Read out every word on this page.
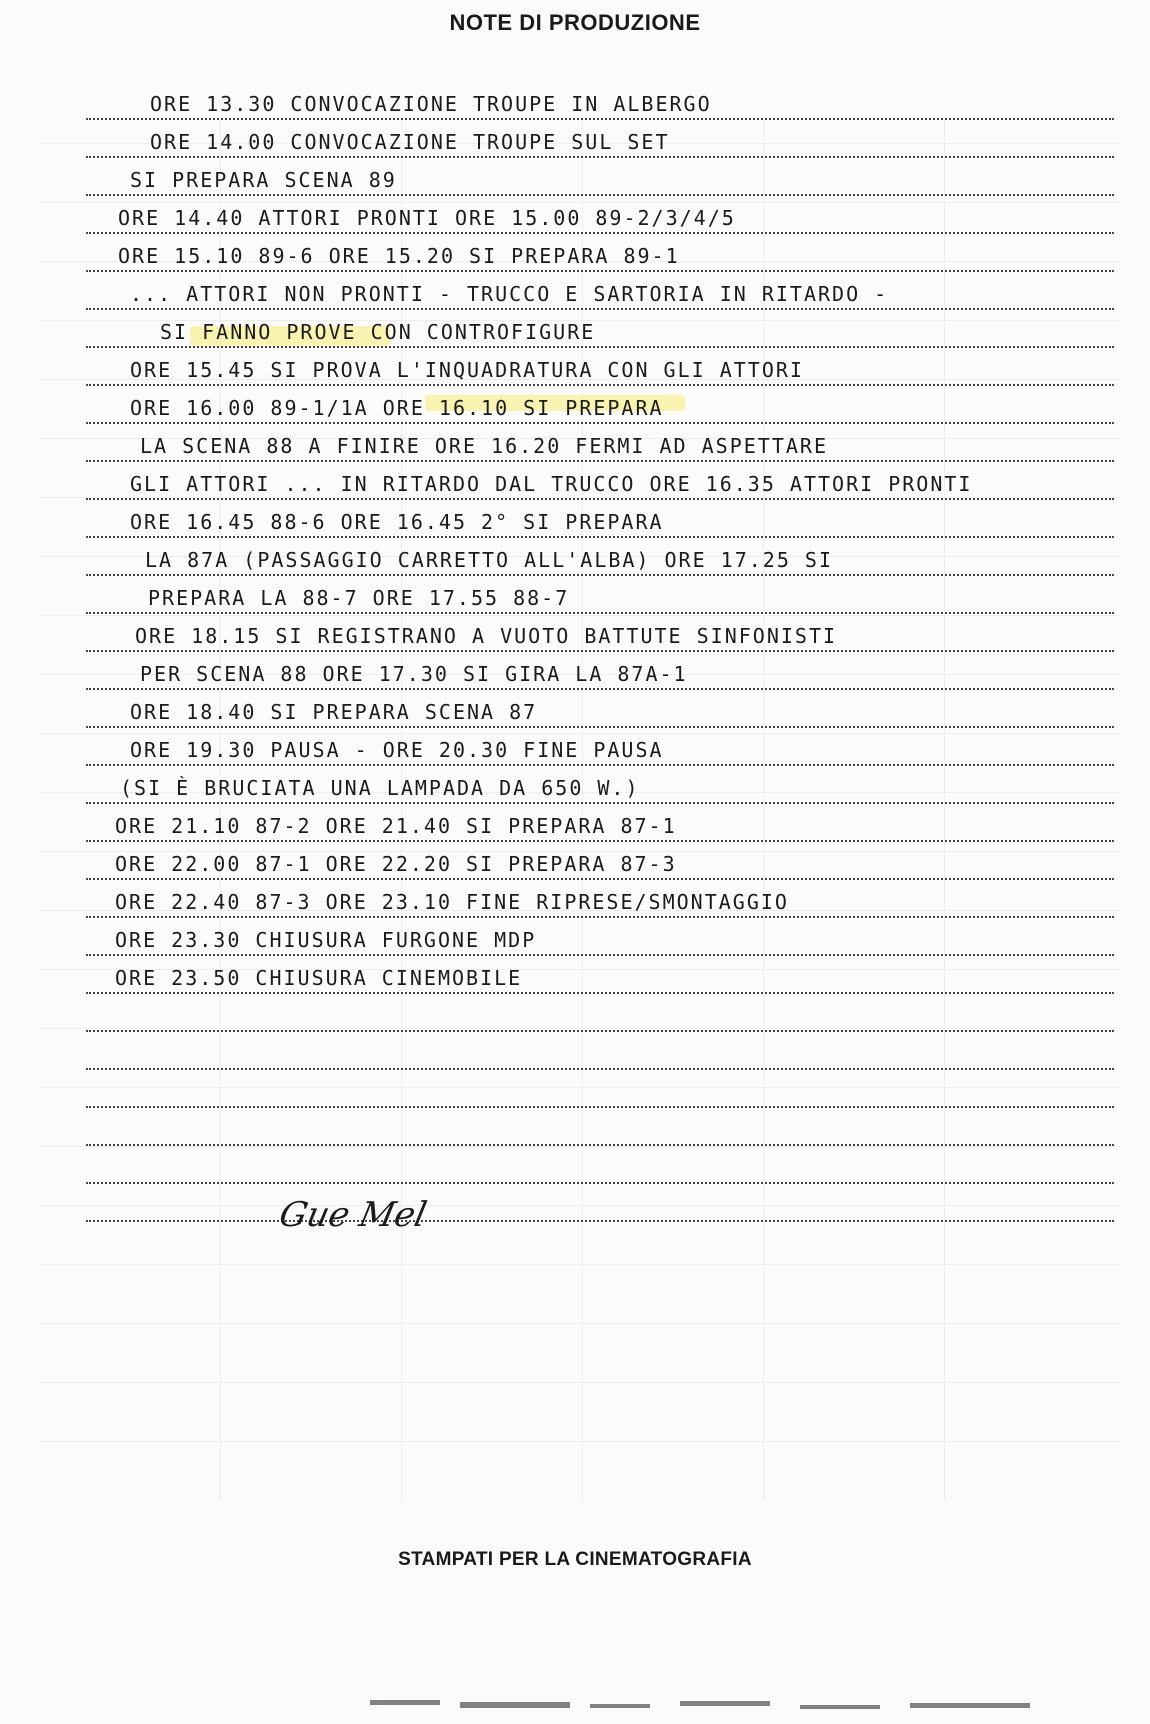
NOTE DI PRODUZIONE
ORE 13.30 CONVOCAZIONE TROUPE IN ALBERGO
ORE 14.00 CONVOCAZIONE TROUPE SUL SET
SI PREPARA SCENA 89
ORE 14.40 ATTORI PRONTI ORE 15.00 89-2/3/4/5
ORE 15.10 89-6 ORE 15.20 SI PREPARA 89-1
... ATTORI NON PRONTI - TRUCCO E SARTORIA IN RITARDO -
SI FANNO PROVE CON CONTROFIGURE
ORE 15.45 SI PROVA L'INQUADRATURA CON GLI ATTORI
ORE 16.00 89-1/1A ORE 16.10 SI PREPARA
LA SCENA 88 A FINIRE ORE 16.20 FERMI AD ASPETTARE
GLI ATTORI ... IN RITARDO DAL TRUCCO ORE 16.35 ATTORI PRONTI
ORE 16.45 88-6 ORE 16.45 2° SI PREPARA
LA 87A (PASSAGGIO CARRETTO ALL'ALBA) ORE 17.25 SI
PREPARA LA 88-7 ORE 17.55 88-7
ORE 18.15 SI REGISTRANO A VUOTO BATTUTE SINFONISTI
PER SCENA 88 ORE 17.30 SI GIRA LA 87A-1
ORE 18.40 SI PREPARA SCENA 87
ORE 19.30 PAUSA - ORE 20.30 FINE PAUSA
(SI È BRUCIATA UNA LAMPADA DA 650 W.)
ORE 21.10 87-2 ORE 21.40 SI PREPARA 87-1
ORE 22.00 87-1 ORE 22.20 SI PREPARA 87-3
ORE 22.40 87-3 ORE 23.10 FINE RIPRESE/SMONTAGGIO
ORE 23.30 CHIUSURA FURGONE MDP
ORE 23.50 CHIUSURA CINEMOBILE
Gue Mel
STAMPATI PER LA CINEMATOGRAFIA
